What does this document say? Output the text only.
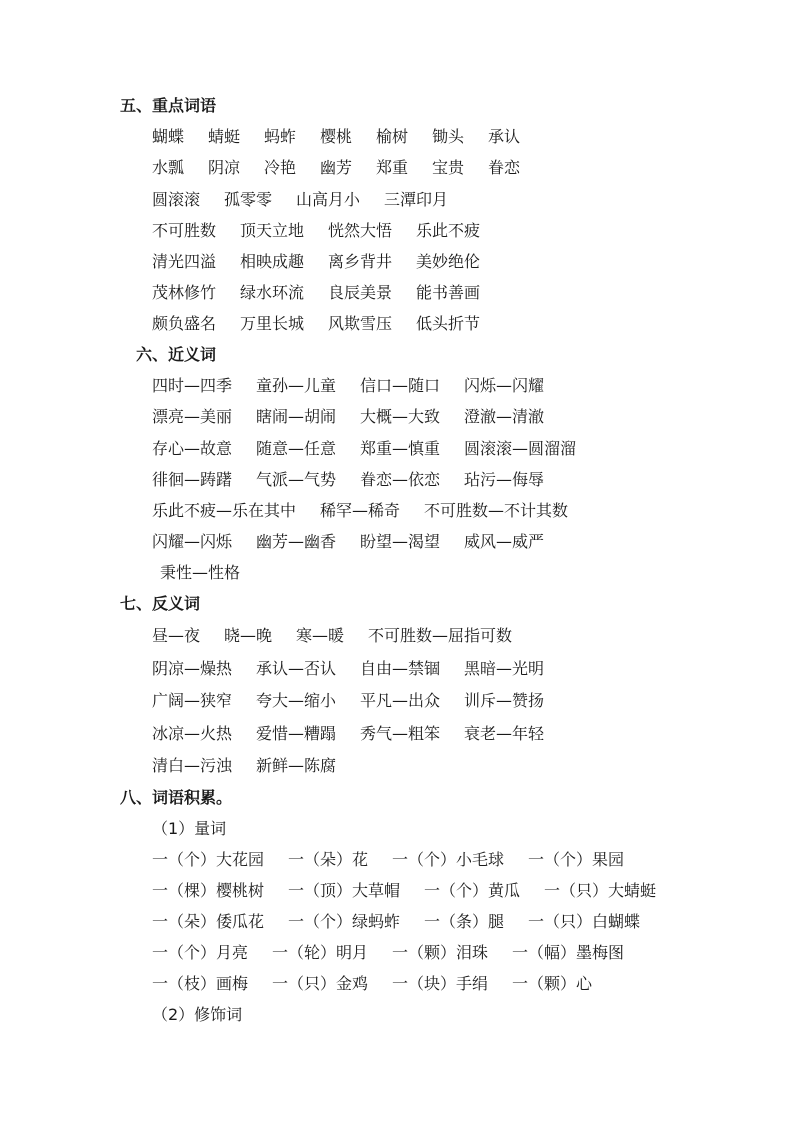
五、重点词语
蝴蝶 蜻蜓 蚂蚱 樱桃 榆树 锄头 承认
水瓢 阴凉 冷艳 幽芳 郑重 宝贵 眷恋
圆滚滚 孤零零 山高月小 三潭印月
不可胜数 顶天立地 恍然大悟 乐此不疲
清光四溢 相映成趣 离乡背井 美妙绝伦
茂林修竹 绿水环流 良辰美景 能书善画
颇负盛名 万里长城 风欺雪压 低头折节
六、近义词
四时—四季 童孙—儿童 信口—随口 闪烁—闪耀
漂亮—美丽 瞎闹—胡闹 大概—大致 澄澈—清澈
存心—故意 随意—任意 郑重—慎重 圆滚滚—圆溜溜
徘徊—踌躇 气派—气势 眷恋—依恋 玷污—侮辱
乐此不疲—乐在其中 稀罕—稀奇 不可胜数—不计其数
闪耀—闪烁 幽芳—幽香 盼望—渴望 威风—威严
秉性—性格
七、反义词
昼—夜 晓—晚 寒—暖 不可胜数—屈指可数
阴凉—燥热 承认—否认 自由—禁锢 黑暗—光明
广阔—狭窄 夸大—缩小 平凡—出众 训斥—赞扬
冰凉—火热 爱惜—糟蹋 秀气—粗笨 衰老—年轻
清白—污浊 新鲜—陈腐
八、词语积累。
（1）量词
一（个）大花园 一（朵）花 一（个）小毛球 一（个）果园
一（棵）樱桃树 一（顶）大草帽 一（个）黄瓜 一（只）大蜻蜓
一（朵）倭瓜花 一（个）绿蚂蚱 一（条）腿 一（只）白蝴蝶
一（个）月亮 一（轮）明月 一（颗）泪珠 一（幅）墨梅图
一（枝）画梅 一（只）金鸡 一（块）手绢 一（颗）心
（2）修饰词
